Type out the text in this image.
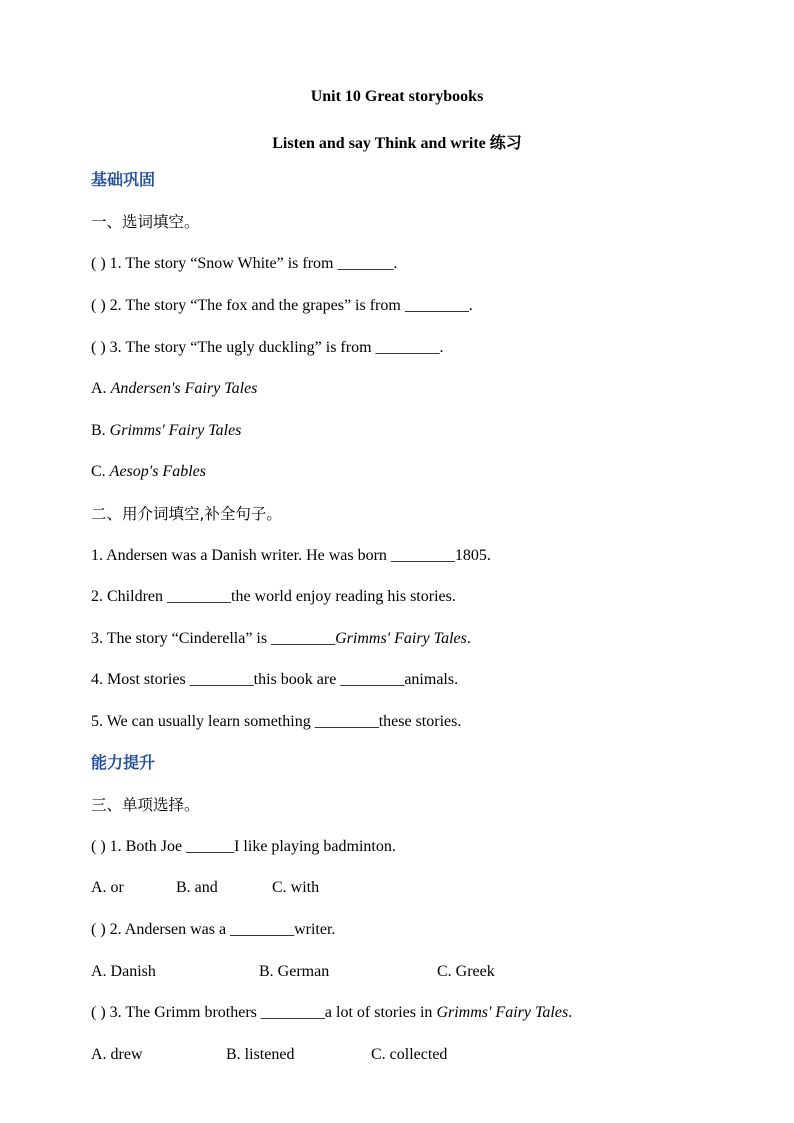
Unit 10 Great storybooks
Listen and say Think and write 练习
基础巩固
一、选词填空。
( ) 1. The story “Snow White” is from _______.
( ) 2. The story “The fox and the grapes” is from ________.
( ) 3. The story “The ugly duckling” is from ________.
A. Andersen's Fairy Tales
B. Grimms' Fairy Tales
C. Aesop's Fables
二、用介词填空,补全句子。
1. Andersen was a Danish writer. He was born ________1805.
2. Children ________the world enjoy reading his stories.
3. The story “Cinderella” is ________Grimms' Fairy Tales.
4. Most stories ________this book are ________animals.
5. We can usually learn something ________these stories.
能力提升
三、单项选择。
( ) 1. Both Joe ______I like playing badminton.
A. or	B. and	C. with
( ) 2. Andersen was a ________writer.
A. Danish	B. German	C. Greek
( ) 3. The Grimm brothers ________a lot of stories in Grimms' Fairy Tales.
A. drew	B. listened	C. collected
